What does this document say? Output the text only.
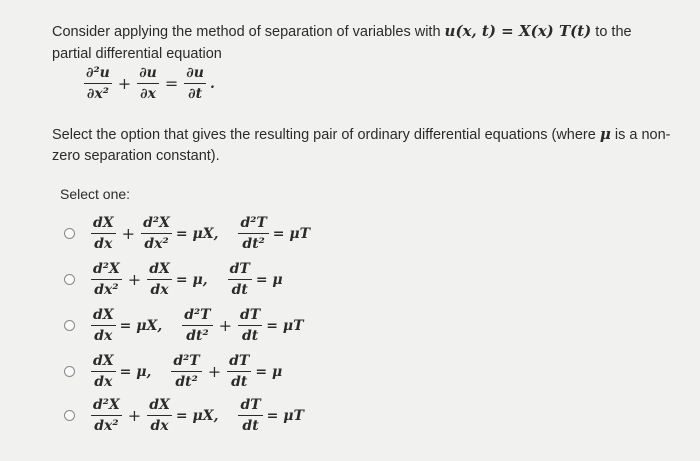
Consider applying the method of separation of variables with u(x, t) = X(x) T(t) to the partial differential equation
$\frac{\text{∂²u}}{\text{∂x²}} + \frac{\partial u}{\partial x} = \frac{\partial u}{\partial t}$ .
Select the option that gives the resulting pair of ordinary differential equations (where μ is a non-zero separation constant).
Select one:
$\frac{dX}{dx} + \frac{\text{d²X}}{\text{dx²}} = \mu X$, $\frac{\text{d²T}}{\text{dt²}} = \mu T$
$\frac{\text{d²X}}{\text{dx²}} + \frac{dX}{dx} = \mu$, $\frac{dT}{dt} = \mu$
$\frac{dX}{dx} = \mu X$, $\frac{\text{d²T}}{\text{dt²}} + \frac{dT}{dt} = \mu T$
$\frac{dX}{dx} = \mu$, $\frac{\text{d²T}}{\text{dt²}} + \frac{dT}{dt} = \mu$
$\frac{\text{d²X}}{\text{dx²}} + \frac{dX}{dx} = \mu X$, $\frac{dT}{dt} = \mu T$
